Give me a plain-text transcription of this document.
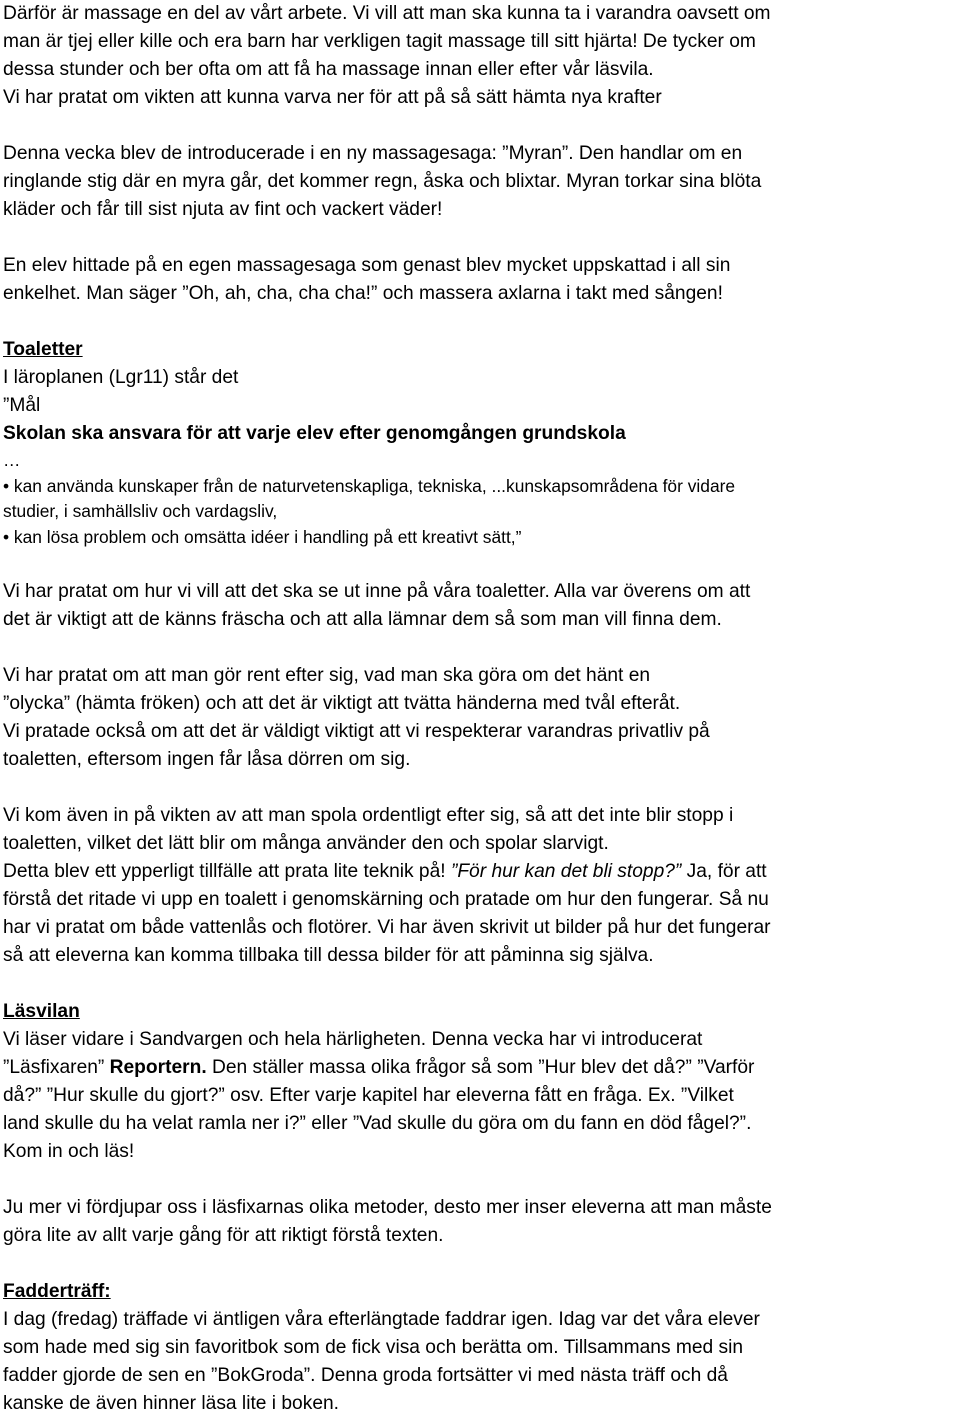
Därför är massage en del av vårt arbete. Vi vill att man ska kunna ta i varandra oavsett om
man är tjej eller kille och era barn har verkligen tagit massage till sitt hjärta! De tycker om
dessa stunder och ber ofta om att få ha massage innan eller efter vår läsvila.
Vi har pratat om vikten att kunna varva ner för att på så sätt hämta nya krafter
Denna vecka blev de introducerade i en ny massagesaga: ”Myran”. Den handlar om en
ringlande stig där en myra går, det kommer regn, åska och blixtar. Myran torkar sina blöta
kläder och får till sist njuta av fint och vackert väder!
En elev hittade på en egen massagesaga som genast blev mycket uppskattad i all sin
enkelhet. Man säger ”Oh, ah, cha, cha cha!” och massera axlarna i takt med sången!
Toaletter
I läroplanen (Lgr11) står det
”Mål
Skolan ska ansvara för att varje elev efter genomgången grundskola
…
• kan använda kunskaper från de naturvetenskapliga, tekniska, ...kunskapsområdena för vidare
studier, i samhällsliv och vardagsliv,
• kan lösa problem och omsätta idéer i handling på ett kreativt sätt,”
Vi har pratat om hur vi vill att det ska se ut inne på våra toaletter. Alla var överens om att
det är viktigt att de känns fräscha och att alla lämnar dem så som man vill finna dem.
Vi har pratat om att man gör rent efter sig, vad man ska göra om det hänt en
”olycka” (hämta fröken) och att det är viktigt att tvätta händerna med tvål efteråt.
Vi pratade också om att det är väldigt viktigt att vi respekterar varandras privatliv på
toaletten, eftersom ingen får låsa dörren om sig.
Vi kom även in på vikten av att man spola ordentligt efter sig, så att det inte blir stopp i
toaletten, vilket det lätt blir om många använder den och spolar slarvigt.
Detta blev ett ypperligt tillfälle att prata lite teknik på! ”För hur kan det bli stopp?” Ja, för att
förstå det ritade vi upp en toalett i genomskärning och pratade om hur den fungerar. Så nu
har vi pratat om både vattenlås och flotörer. Vi har även skrivit ut bilder på hur det fungerar
så att eleverna kan komma tillbaka till dessa bilder för att påminna sig själva.
Läsvilan
Vi läser vidare i Sandvargen och hela härligheten. Denna vecka har vi introducerat
”Läsfixaren” Reportern. Den ställer massa olika frågor så som ”Hur blev det då?” ”Varför
då?” ”Hur skulle du gjort?” osv. Efter varje kapitel har eleverna fått en fråga. Ex. ”Vilket
land skulle du ha velat ramla ner i?” eller ”Vad skulle du göra om du fann en död fågel?”.
Kom in och läs!
Ju mer vi fördjupar oss i läsfixarnas olika metoder, desto mer inser eleverna att man måste
göra lite av allt varje gång för att riktigt förstå texten.
Fadderträff:
I dag (fredag) träffade vi äntligen våra efterlängtade faddrar igen. Idag var det våra elever
som hade med sig sin favoritbok som de fick visa och berätta om. Tillsammans med sin
fadder gjorde de sen en ”BokGroda”. Denna groda fortsätter vi med nästa träff och då
kanske de även hinner läsa lite i boken.
